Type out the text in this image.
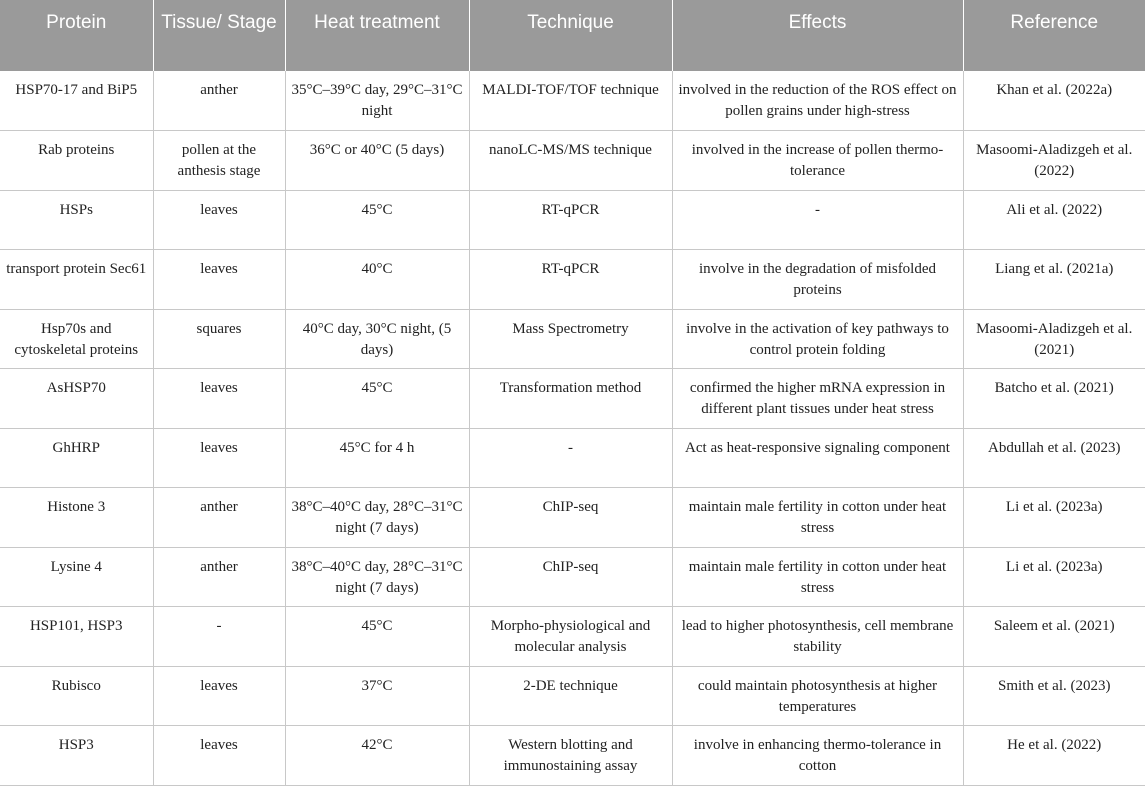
Protein	Tissue/ Stage	Heat treatment	Technique	Effects	Reference
HSP70-17 and BiP5	anther	35°C–39°C day, 29°C–31°C night	MALDI-TOF/TOF technique	involved in the reduction of the ROS effect on pollen grains under high-stress	Khan et al. (2022a)
Rab proteins	pollen at the anthesis stage	36°C or 40°C (5 days)	nanoLC-MS/MS technique	involved in the increase of pollen thermo-tolerance	Masoomi-Aladizgeh et al. (2022)
HSPs	leaves	45°C	RT-qPCR	-	Ali et al. (2022)
transport protein Sec61	leaves	40°C	RT-qPCR	involve in the degradation of misfolded proteins	Liang et al. (2021a)
Hsp70s and cytoskeletal proteins	squares	40°C day, 30°C night, (5 days)	Mass Spectrometry	involve in the activation of key pathways to control protein folding	Masoomi-Aladizgeh et al. (2021)
AsHSP70	leaves	45°C	Transformation method	confirmed the higher mRNA expression in different plant tissues under heat stress	Batcho et al. (2021)
GhHRP	leaves	45°C for 4 h	-	Act as heat-responsive signaling component	Abdullah et al. (2023)
Histone 3	anther	38°C–40°C day, 28°C–31°C night (7 days)	ChIP-seq	maintain male fertility in cotton under heat stress	Li et al. (2023a)
Lysine 4	anther	38°C–40°C day, 28°C–31°C night (7 days)	ChIP-seq	maintain male fertility in cotton under heat stress	Li et al. (2023a)
HSP101, HSP3	-	45°C	Morpho-physiological and molecular analysis	lead to higher photosynthesis, cell membrane stability	Saleem et al. (2021)
Rubisco	leaves	37°C	2-DE technique	could maintain photosynthesis at higher temperatures	Smith et al. (2023)
HSP3	leaves	42°C	Western blotting and immunostaining assay	involve in enhancing thermo-tolerance in cotton	He et al. (2022)
